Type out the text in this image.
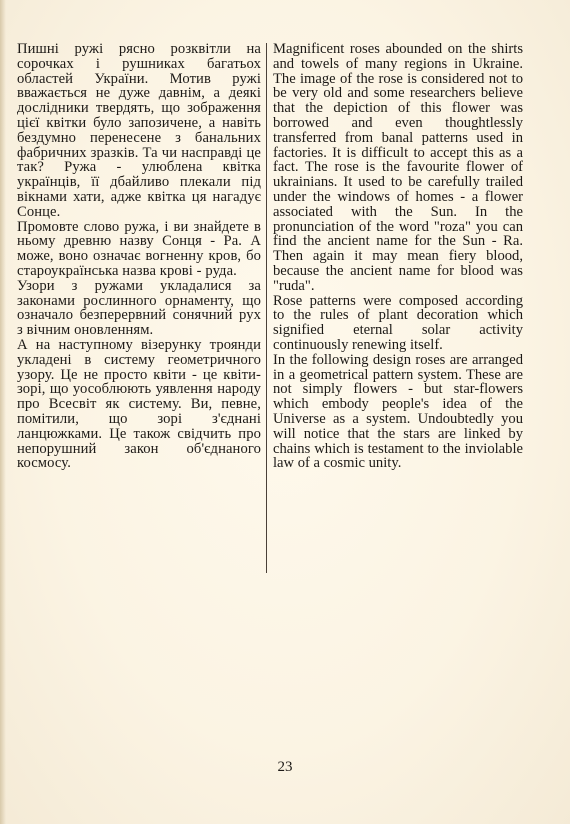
Пишні ружі рясно розквітли на сорочках і рушниках багатьох областей України. Мотив ружі вважається не дуже давнім, а деякі дослідники твердять, що зображення цієї квітки було запозичене, а навіть бездумно перенесене з банальних фабричних зразків. Та чи насправді це так? Ружа - улюблена квітка українців, її дбайливо плекали під вікнами хати, адже квітка ця нагадує Сонце.

Промовте слово ружа, і ви знайдете в ньому древню назву Сонця - Ра. А може, воно означає вогненну кров, бо староукраїнська назва крові - руда.

Узори з ружами укладалися за законами рослинного орнаменту, що означало безперервний сонячний рух з вічним оновленням.

А на наступному візерунку троянди укладені в систему геометричного узору. Це не просто квіти - це квіти-зорі, що уособлюють уявлення народу про Всесвіт як систему. Ви, певне, помітили, що зорі з'єднані ланцюжками. Це також свідчить про непорушний закон об'єднаного космосу.

Magnificent roses abounded on the shirts and towels of many regions in Ukraine. The image of the rose is considered not to be very old and some researchers believe that the depiction of this flower was borrowed and even thoughtlessly transferred from banal patterns used in factories. It is difficult to accept this as a fact. The rose is the favourite flower of ukrainians. It used to be carefully trailed under the windows of homes - a flower associated with the Sun. In the pronunciation of the word "roza" you can find the ancient name for the Sun - Ra. Then again it may mean fiery blood, because the ancient name for blood was "ruda".

Rose patterns were composed according to the rules of plant decoration which signified eternal solar activity continuously renewing itself.

In the following design roses are arranged in a geometrical pattern system. These are not simply flowers - but star-flowers which embody people's idea of the Universe as a system. Undoubtedly you will notice that the stars are linked by chains which is testament to the inviolable law of a cosmic unity.

23
